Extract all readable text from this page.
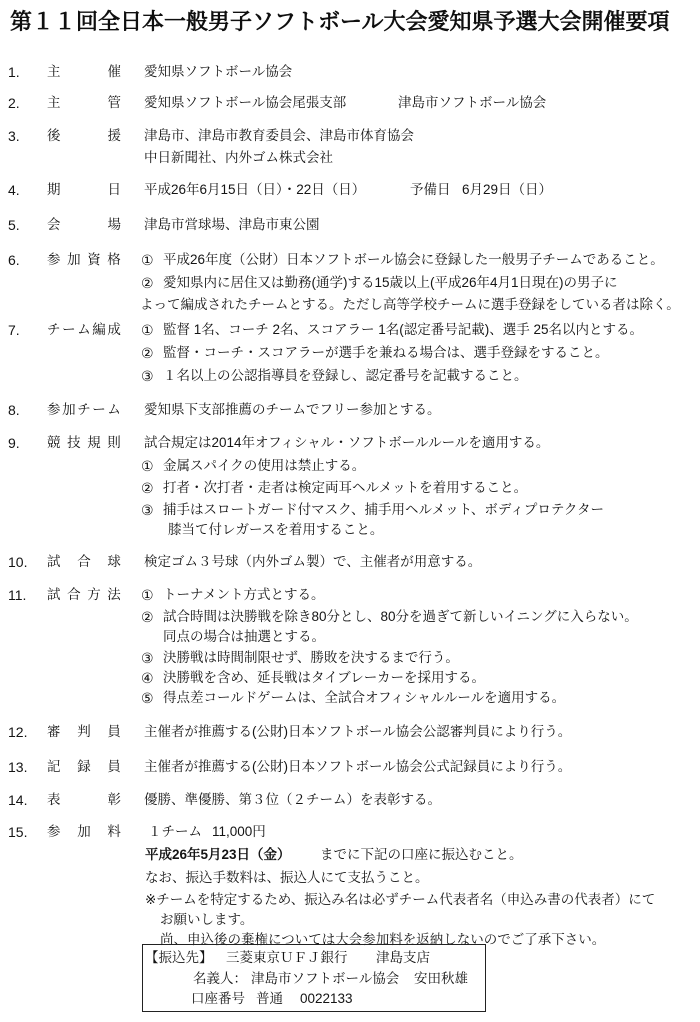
第１１回全日本一般男子ソフトボール大会愛知県予選大会開催要項
1. 主催
愛知県ソフトボール協会
2. 主管
愛知県ソフトボール協会尾張支部	津島市ソフトボール協会
3. 後援
津島市、津島市教育委員会、津島市体育協会
中日新聞社、内外ゴム株式会社
4. 期日
平成26年6月15日（日）・22日（日）	予備日 6月29日（日）
5. 会場
津島市営球場、津島市東公園
6. 参加資格 ① 平成26年度（公財）日本ソフトボール協会に登録した一般男子チームであること。
② 愛知県内に居住又は勤務(通学)する15歳以上(平成26年4月1日現在)の男子に
よって編成されたチームとする。ただし高等学校チームに選手登録をしている者は除く。
7. チーム編成 ① 監督 1名、コーチ 2名、スコアラー 1名(認定番号記載)、選手 25名以内とする。
② 監督・コーチ・スコアラーが選手を兼ねる場合は、選手登録をすること。
③ １名以上の公認指導員を登録し、認定番号を記載すること。
8. 参加チーム 愛知県下支部推薦のチームでフリー参加とする。
9. 競技規則 試合規定は2014年オフィシャル・ソフトボールルールを適用する。
① 金属スパイクの使用は禁止する。
② 打者・次打者・走者は検定両耳ヘルメットを着用すること。
③ 捕手はスロートガード付マスク、捕手用ヘルメット、ボディプロテクター
膝当て付レガースを着用すること。
10. 試合球 検定ゴム３号球（内外ゴム製）で、主催者が用意する。
11. 試合方法 ① トーナメント方式とする。
② 試合時間は決勝戦を除き80分とし、80分を過ぎて新しいイニングに入らない。
同点の場合は抽選とする。
③ 決勝戦は時間制限せず、勝敗を決するまで行う。
④ 決勝戦を含め、延長戦はタイブレーカーを採用する。
⑤ 得点差コールドゲームは、全試合オフィシャルルールを適用する。
12. 審判員 主催者が推薦する(公財)日本ソフトボール協会公認審判員により行う。
13. 記録員 主催者が推薦する(公財)日本ソフトボール協会公式記録員により行う。
14. 表彰
優勝、準優勝、第３位（２チーム）を表彰する。
15. 参加料 １チーム 11,000円
平成26年5月23日（金） までに下記の口座に振込むこと。
なお、振込手数料は、振込人にて支払うこと。
※チームを特定するため、振込み名は必ずチーム代表者名（申込み書の代表者）にて
お願いします。
尚、申込後の棄権については大会参加料を返納しないのでご了承下さい。
【振込先】 三菱東京ＵＦＪ銀行 津島支店
名義人： 津島市ソフトボール協会 安田秋雄
口座番号 普通 0022133
